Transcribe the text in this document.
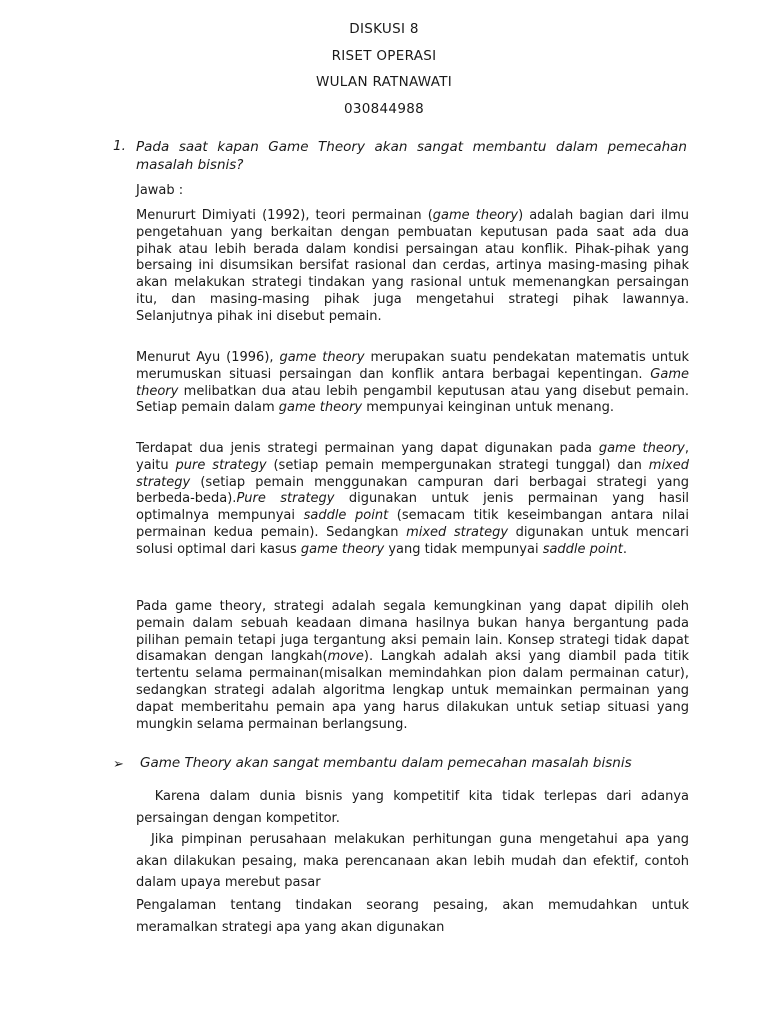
DISKUSI 8
RISET OPERASI
WULAN RATNAWATI
030844988
1. Pada saat kapan Game Theory akan sangat membantu dalam pemecahan masalah bisnis?

Jawab :

Menururt Dimiyati (1992), teori permainan (game theory) adalah bagian dari ilmu pengetahuan yang berkaitan dengan pembuatan keputusan pada saat ada dua pihak atau lebih berada dalam kondisi persaingan atau konflik. Pihak-pihak yang bersaing ini disumsikan bersifat rasional dan cerdas, artinya masing-masing pihak akan melakukan strategi tindakan yang rasional untuk memenangkan persaingan itu, dan masing-masing pihak juga mengetahui strategi pihak lawannya. Selanjutnya pihak ini disebut pemain.

Menurut Ayu (1996), game theory merupakan suatu pendekatan matematis untuk merumuskan situasi persaingan dan konflik antara berbagai kepentingan. Game theory melibatkan dua atau lebih pengambil keputusan atau yang disebut pemain. Setiap pemain dalam game theory mempunyai keinginan untuk menang.

Terdapat dua jenis strategi permainan yang dapat digunakan pada game theory, yaitu pure strategy (setiap pemain mempergunakan strategi tunggal) dan mixed strategy (setiap pemain menggunakan campuran dari berbagai strategi yang berbeda-beda).Pure strategy digunakan untuk jenis permainan yang hasil optimalnya mempunyai saddle point (semacam titik keseimbangan antara nilai permainan kedua pemain). Sedangkan mixed strategy digunakan untuk mencari solusi optimal dari kasus game theory yang tidak mempunyai saddle point.

Pada game theory, strategi adalah segala kemungkinan yang dapat dipilih oleh pemain dalam sebuah keadaan dimana hasilnya bukan hanya bergantung pada pilihan pemain tetapi juga tergantung aksi pemain lain. Konsep strategi tidak dapat disamakan dengan langkah(move). Langkah adalah aksi yang diambil pada titik tertentu selama permainan(misalkan memindahkan pion dalam permainan catur), sedangkan strategi adalah algoritma lengkap untuk memainkan permainan yang dapat memberitahu pemain apa yang harus dilakukan untuk setiap situasi yang mungkin selama permainan berlangsung.

➢ Game Theory akan sangat membantu dalam pemecahan masalah bisnis

Karena dalam dunia bisnis yang kompetitif kita tidak terlepas dari adanya persaingan dengan kompetitor.

Jika pimpinan perusahaan melakukan perhitungan guna mengetahui apa yang akan dilakukan pesaing, maka perencanaan akan lebih mudah dan efektif, contoh dalam upaya merebut pasar

Pengalaman tentang tindakan seorang pesaing, akan memudahkan untuk meramalkan strategi apa yang akan digunakan
